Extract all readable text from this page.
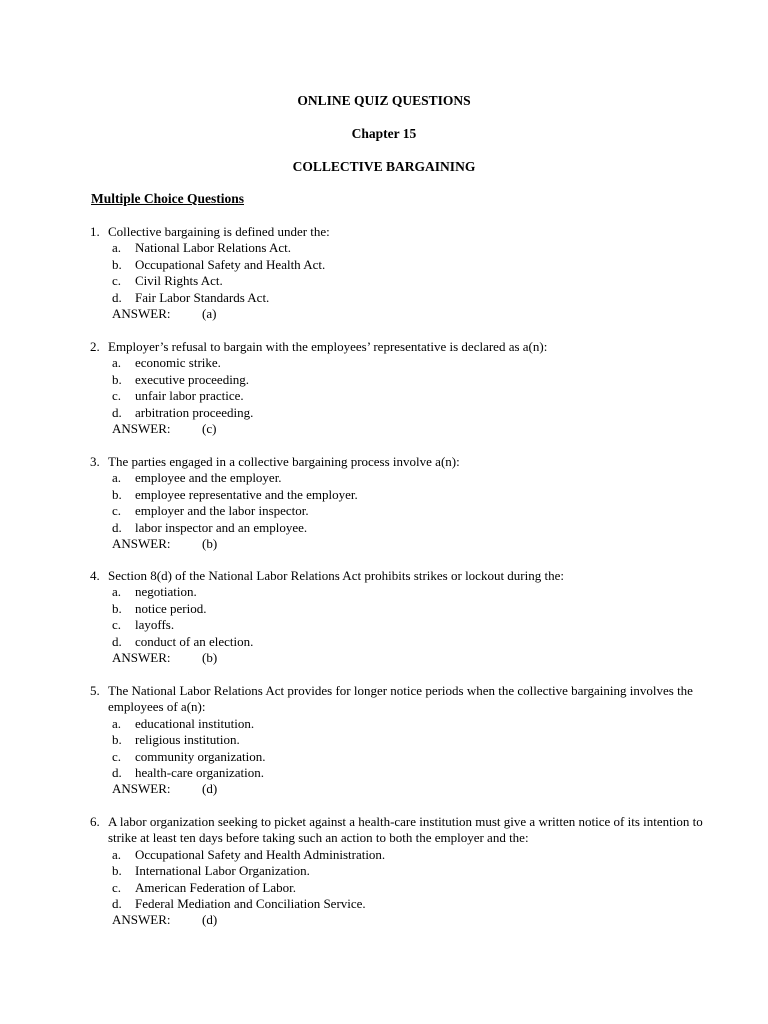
ONLINE QUIZ QUESTIONS
Chapter 15
COLLECTIVE BARGAINING
Multiple Choice Questions
1. Collective bargaining is defined under the:
a.	National Labor Relations Act.
b.	Occupational Safety and Health Act.
c.	Civil Rights Act.
d.	Fair Labor Standards Act.
ANSWER:	(a)
2. Employer’s refusal to bargain with the employees’ representative is declared as a(n):
a.	economic strike.
b.	executive proceeding.
c.	unfair labor practice.
d.	arbitration proceeding.
ANSWER:	(c)
3. The parties engaged in a collective bargaining process involve a(n):
a.	employee and the employer.
b.	employee representative and the employer.
c.	employer and the labor inspector.
d.	labor inspector and an employee.
ANSWER:	(b)
4. Section 8(d) of the National Labor Relations Act prohibits strikes or lockout during the:
a.	negotiation.
b.	notice period.
c.	layoffs.
d.	conduct of an election.
ANSWER:	(b)
5. The National Labor Relations Act provides for longer notice periods when the collective bargaining involves the employees of a(n):
a.	educational institution.
b.	religious institution.
c.	community organization.
d.	health-care organization.
ANSWER:	(d)
6. A labor organization seeking to picket against a health-care institution must give a written notice of its intention to strike at least ten days before taking such an action to both the employer and the:
a.	Occupational Safety and Health Administration.
b.	International Labor Organization.
c.	American Federation of Labor.
d.	Federal Mediation and Conciliation Service.
ANSWER:	(d)
